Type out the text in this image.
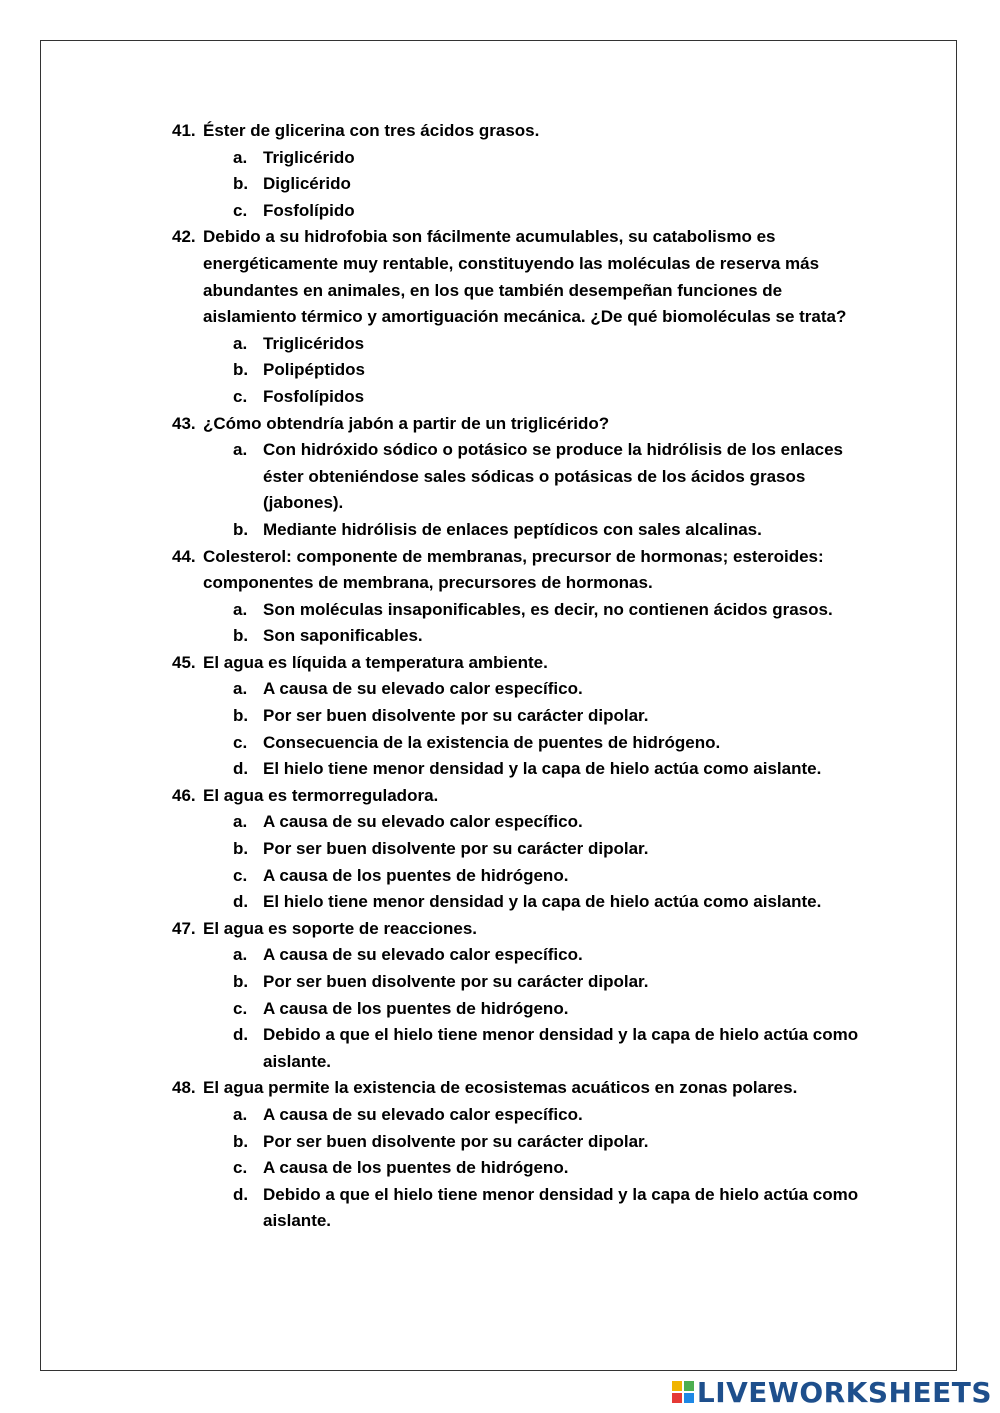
41. Éster de glicerina con tres ácidos grasos.
a. Triglicérido
b. Diglicérido
c. Fosfolípido
42. Debido a su hidrofobia son fácilmente acumulables, su catabolismo es energéticamente muy rentable, constituyendo las moléculas de reserva más abundantes en animales, en los que también desempeñan funciones de aislamiento térmico y amortiguación mecánica. ¿De qué biomoléculas se trata?
a. Triglicéridos
b. Polipéptidos
c. Fosfolípidos
43. ¿Cómo obtendría jabón a partir de un triglicérido?
a. Con hidróxido sódico o potásico se produce la hidrólisis de los enlaces éster obteniéndose sales sódicas o potásicas de los ácidos grasos (jabones).
b. Mediante hidrólisis de enlaces peptídicos con sales alcalinas.
44. Colesterol: componente de membranas, precursor de hormonas; esteroides: componentes de membrana, precursores de hormonas.
a. Son moléculas insaponificables, es decir, no contienen ácidos grasos.
b. Son saponificables.
45. El agua es líquida a temperatura ambiente.
a. A causa de su elevado calor específico.
b. Por ser buen disolvente por su carácter dipolar.
c. Consecuencia de la existencia de puentes de hidrógeno.
d. El hielo tiene menor densidad y la capa de hielo actúa como aislante.
46. El agua es termorreguladora.
a. A causa de su elevado calor específico.
b. Por ser buen disolvente por su carácter dipolar.
c. A causa de los puentes de hidrógeno.
d. El hielo tiene menor densidad y la capa de hielo actúa como aislante.
47. El agua es soporte de reacciones.
a. A causa de su elevado calor específico.
b. Por ser buen disolvente por su carácter dipolar.
c. A causa de los puentes de hidrógeno.
d. Debido a que el hielo tiene menor densidad y la capa de hielo actúa como aislante.
48. El agua permite la existencia de ecosistemas acuáticos en zonas polares.
a. A causa de su elevado calor específico.
b. Por ser buen disolvente por su carácter dipolar.
c. A causa de los puentes de hidrógeno.
d. Debido a que el hielo tiene menor densidad y la capa de hielo actúa como aislante.
LIVEWORKSHEETS
